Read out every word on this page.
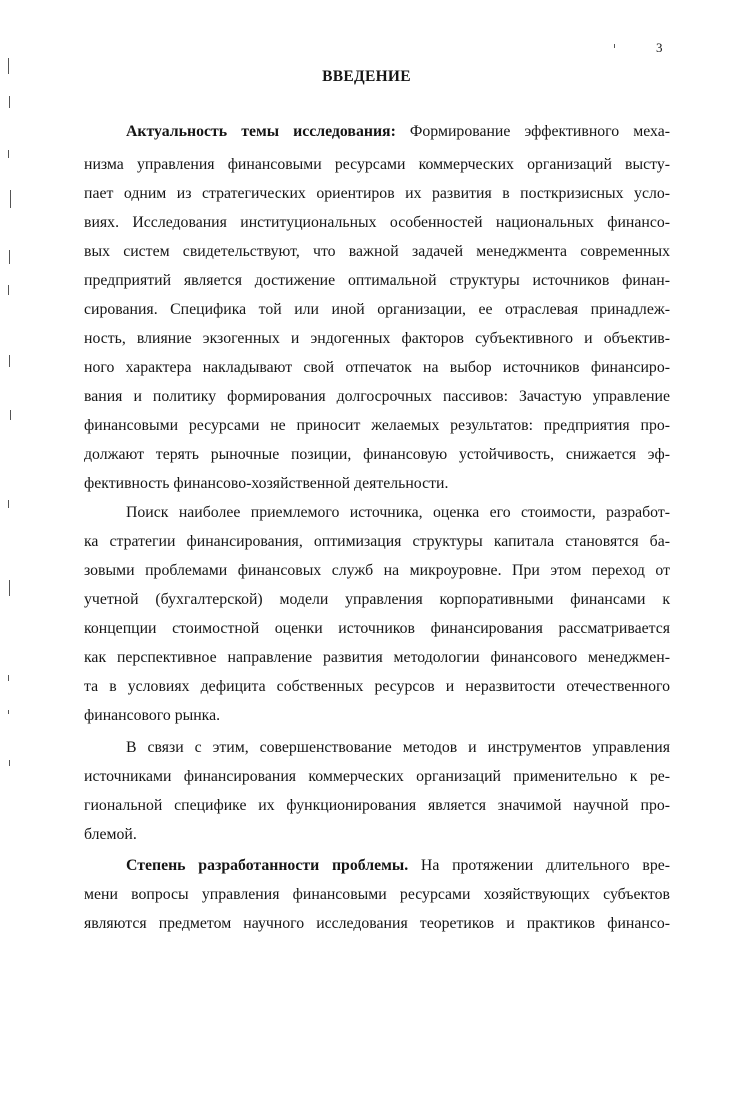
3
ВВЕДЕНИЕ
Актуальность темы исследования: Формирование эффективного меха-
низма управления финансовыми ресурсами коммерческих организаций высту-
пает одним из стратегических ориентиров их развития в посткризисных усло-
виях. Исследования институциональных особенностей национальных финансо-
вых систем свидетельствуют, что важной задачей менеджмента современных
предприятий является достижение оптимальной структуры источников финан-
сирования. Специфика той или иной организации, ее отраслевая принадлеж-
ность, влияние экзогенных и эндогенных факторов субъективного и объектив-
ного характера накладывают свой отпечаток на выбор источников финансиро-
вания и политику формирования долгосрочных пассивов: Зачастую управление
финансовыми ресурсами не приносит желаемых результатов: предприятия про-
должают терять рыночные позиции, финансовую устойчивость, снижается эф-
фективность финансово-хозяйственной деятельности.
Поиск наиболее приемлемого источника, оценка его стоимости, разработ-
ка стратегии финансирования, оптимизация структуры капитала становятся ба-
зовыми проблемами финансовых служб на микроуровне. При этом переход от
учетной (бухгалтерской) модели управления корпоративными финансами к
концепции стоимостной оценки источников финансирования рассматривается
как перспективное направление развития методологии финансового менеджмен-
та в условиях дефицита собственных ресурсов и неразвитости отечественного
финансового рынка.
В связи с этим, совершенствование методов и инструментов управления
источниками финансирования коммерческих организаций применительно к ре-
гиональной специфике их функционирования является значимой научной про-
блемой.
Степень разработанности проблемы. На протяжении длительного вре-
мени вопросы управления финансовыми ресурсами хозяйствующих субъектов
являются предметом научного исследования теоретиков и практиков финансо-
